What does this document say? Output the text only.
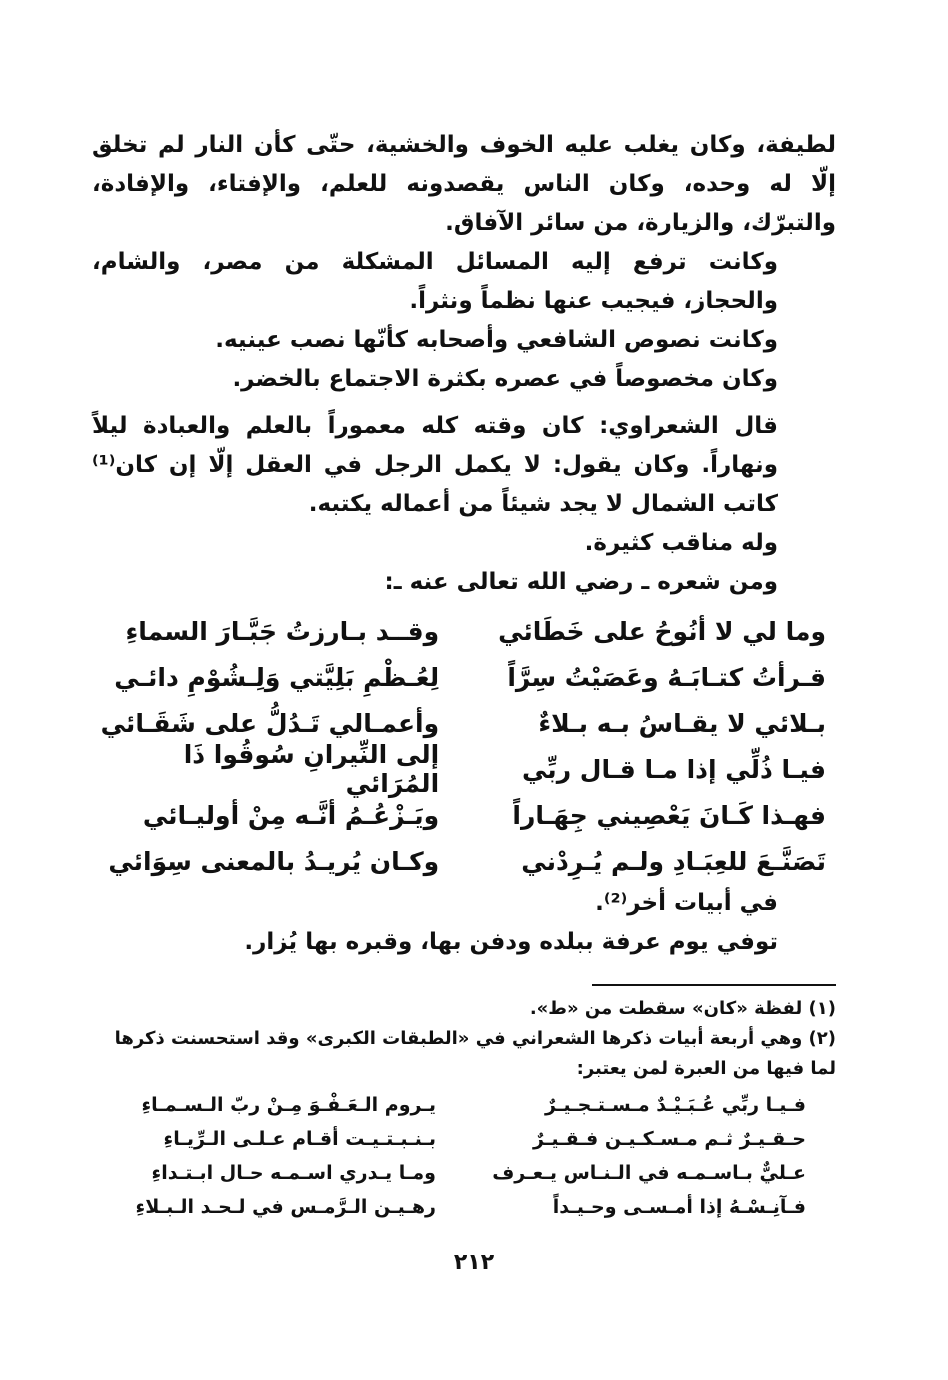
لطيفة، وكان يغلب عليه الخوف والخشية، حتّى كأن النار لم تخلق إلّا له وحده، وكان الناس يقصدونه للعلم، والإفتاء، والإفادة، والتبرّك، والزيارة، من سائر الآفاق.

وكانت ترفع إليه المسائل المشكلة من مصر، والشام، والحجاز، فيجيب عنها نظماً ونثراً.

وكانت نصوص الشافعي وأصحابه كأنّها نصب عينيه.

وكان مخصوصاً في عصره بكثرة الاجتماع بالخضر.

قال الشعراوي: كان وقته كله معموراً بالعلم والعبادة ليلاً ونهاراً. وكان يقول: لا يكمل الرجل في العقل إلّا إن كان⁽¹⁾ كاتب الشمال لا يجد شيئاً من أعماله يكتبه.

وله مناقب كثيرة.

ومن شعره ـ رضي الله تعالى عنه ـ:

وما لي لا أنُوحُ على خَطَائي
وقــد بـارزتُ جَبَّـارَ السماءِ
قـرأتُ كتـابَـهُ وعَصَيْتُ سِرَّاً
لِعُـظْمِ بَلِيَّتي وَلِـشُوْمِ دائـي
بـلائي لا يقـاسُ بـه بـلاءٌ
وأعمـالي تَـدُلُّ على شَقَـائي
فيـا ذُلِّي إذا مـا قـال ربِّي
إلى النِّيرانِ سُوقُوا ذَا المُرَائي
فهـذا كَـانَ يَعْصِيني جِهَـاراً
ويَـزْعُـمُ أنَّـه مِنْ أوليـائي
تَصَنَّـعَ للعِبَـادِ ولـم يُـرِدْني
وكـان يُريـدُ بالمعنى سِوَائي

في أبيات أخر⁽²⁾.

توفي يوم عرفة ببلده ودفن بها، وقبره بها يُزار.

(١) لفظة «كان» سقطت من «ط».

(٢) وهي أربعة أبيات ذكرها الشعراني في «الطبقات الكبرى» وقد استحسنت ذكرها لما فيها من العبرة لمن يعتبر:

فـيـا ربِّي عُـبَـيْـدٌ مـسـتـجـيـرٌ
يـروم الـعَـفْـوَ مِـنْ ربّ الـسـمـاءِ
حـقـيـرٌ ثـم مـسـكـيـن فـقـيـرٌ
بـنـبـتـيـت أقـام عـلـى الـرِّيـاءِ
عـليٌّ بـاسـمـه في الـنـاس يـعـرف
ومـا يـدري اسـمـه حـال ابـتـداءِ
فـآنِـسْـهُ إذا أمـسـى وحـيـداً
رهـيـن الـرَّمـس في لـحـد الـبـلاءِ
٢١٢
